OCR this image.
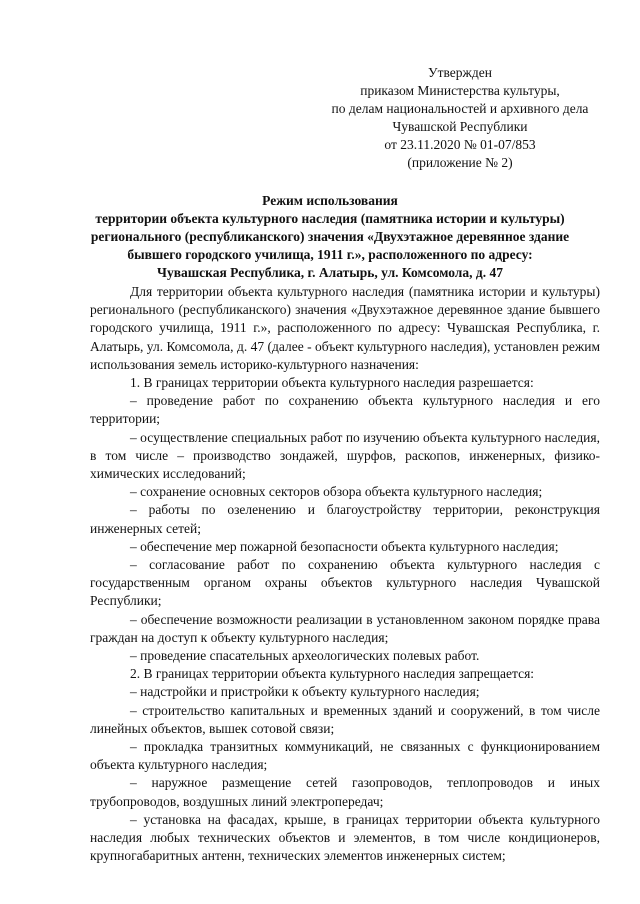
Утвержден
приказом Министерства культуры,
по делам национальностей и архивного дела
Чувашской Республики
от 23.11.2020 № 01-07/853
(приложение № 2)
Режим использования
территории объекта культурного наследия (памятника истории и культуры)
регионального (республиканского) значения «Двухэтажное деревянное здание
бывшего городского училища, 1911 г.», расположенного по адресу:
Чувашская Республика, г. Алатырь, ул. Комсомола, д. 47

Для территории объекта культурного наследия (памятника истории и культуры) регионального (республиканского) значения «Двухэтажное деревянное здание бывшего городского училища, 1911 г.», расположенного по адресу: Чувашская Республика, г. Алатырь, ул. Комсомола, д. 47 (далее - объект культурного наследия), установлен режим использования земель историко-культурного назначения:

1. В границах территории объекта культурного наследия разрешается:

– проведение работ по сохранению объекта культурного наследия и его территории;

– осуществление специальных работ по изучению объекта культурного наследия, в том числе – производство зондажей, шурфов, раскопов, инженерных, физико-химических исследований;

– сохранение основных секторов обзора объекта культурного наследия;

– работы по озеленению и благоустройству территории, реконструкция инженерных сетей;

– обеспечение мер пожарной безопасности объекта культурного наследия;

– согласование работ по сохранению объекта культурного наследия с государственным органом охраны объектов культурного наследия Чувашской Республики;

– обеспечение возможности реализации в установленном законом порядке права граждан на доступ к объекту культурного наследия;

– проведение спасательных археологических полевых работ.

2. В границах территории объекта культурного наследия запрещается:

– надстройки и пристройки к объекту культурного наследия;

– строительство капитальных и временных зданий и сооружений, в том числе линейных объектов, вышек сотовой связи;

– прокладка транзитных коммуникаций, не связанных с функционированием объекта культурного наследия;

– наружное размещение сетей газопроводов, теплопроводов и иных трубопроводов, воздушных линий электропередач;

– установка на фасадах, крыше, в границах территории объекта культурного наследия любых технических объектов и элементов, в том числе кондиционеров, крупногабаритных антенн, технических элементов инженерных систем;
